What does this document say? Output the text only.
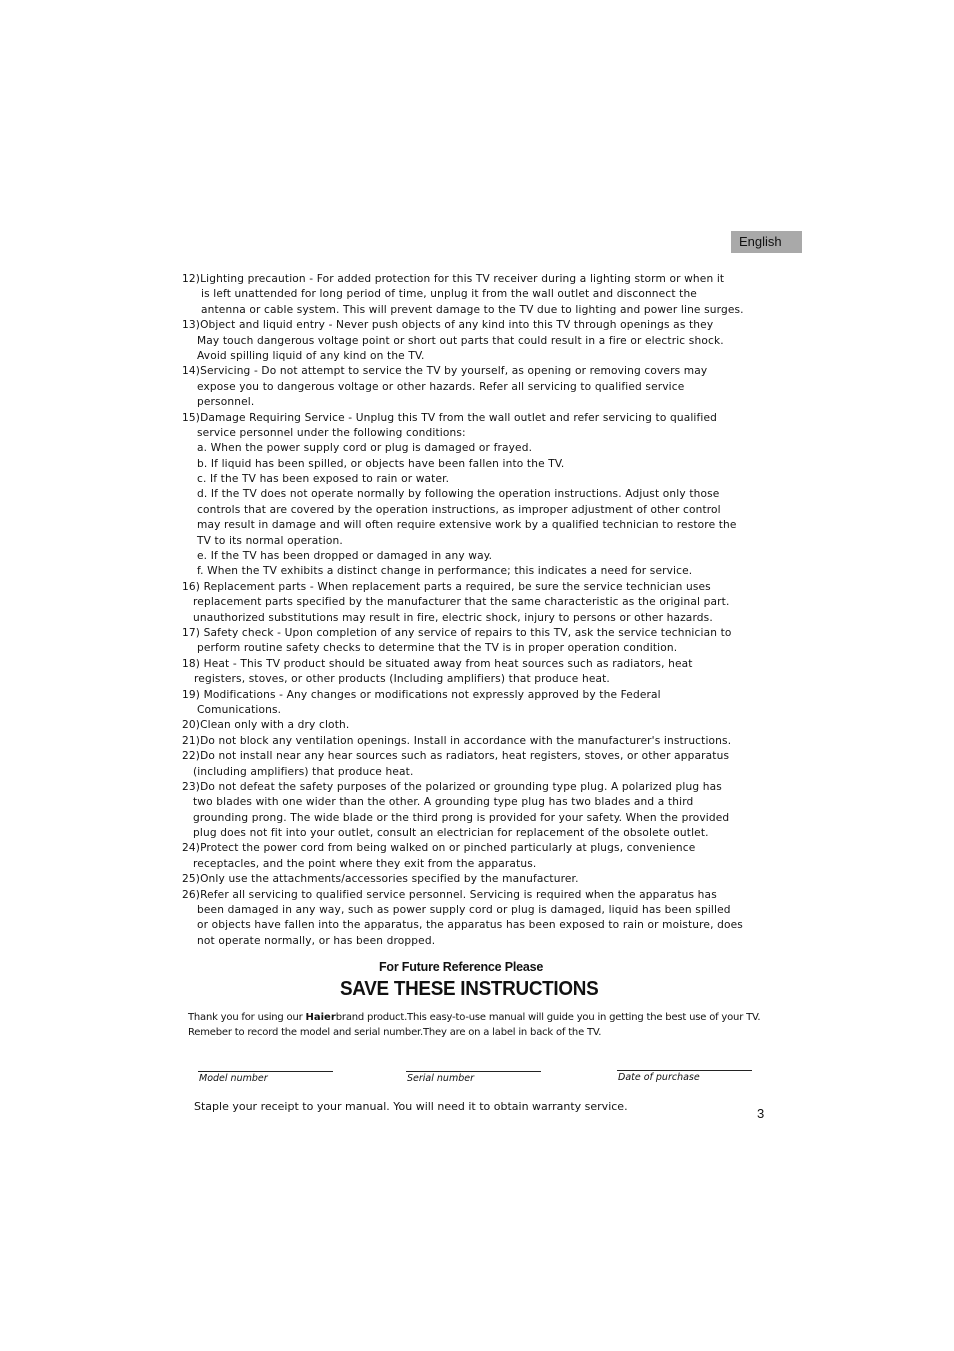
English
12)Lighting precaution - For added protection for this TV receiver during a lighting storm or when it
is left unattended for long period of time, unplug it from the wall outlet and disconnect the
antenna or cable system. This will prevent damage to the TV due to lighting and power line surges.
13)Object and liquid entry - Never push objects of any kind into this TV through openings as they
May touch dangerous voltage point or short out parts that could result in a fire or electric shock.
Avoid spilling liquid of any kind on the TV.
14)Servicing - Do not attempt to service the TV by yourself, as opening or removing covers may
expose you to dangerous voltage or other hazards. Refer all servicing to qualified service
personnel.
15)Damage Requiring Service - Unplug this TV from the wall outlet and refer servicing to qualified
service personnel under the following conditions:
a. When the power supply cord or plug is damaged or frayed.
b. If liquid has been spilled, or objects have been fallen into the TV.
c. If the TV has been exposed to rain or water.
d. If the TV does not operate normally by following the operation instructions. Adjust only those
controls that are covered by the operation instructions, as improper adjustment of other control
may result in damage and will often require extensive work by a qualified technician to restore the
TV to its normal operation.
e. If the TV has been dropped or damaged in any way.
f. When the TV exhibits a distinct change in performance; this indicates a need for service.
16) Replacement parts - When replacement parts a required, be sure the service technician uses
replacement parts specified by the manufacturer that the same characteristic as the original part.
unauthorized substitutions may result in fire, electric shock, injury to persons or other hazards.
17) Safety check - Upon completion of any service of repairs to this TV, ask the service technician to
perform routine safety checks to determine that the TV is in proper operation condition.
18) Heat - This TV product should be situated away from heat sources such as radiators, heat
registers, stoves, or other products (Including amplifiers) that produce heat.
19) Modifications - Any changes or modifications not expressly approved by the Federal
Comunications.
20)Clean only with a dry cloth.
21)Do not block any ventilation openings. Install in accordance with the manufacturer's instructions.
22)Do not install near any hear sources such as radiators, heat registers, stoves, or other apparatus
(including amplifiers) that produce heat.
23)Do not defeat the safety purposes of the polarized or grounding type plug. A polarized plug has
two blades with one wider than the other. A grounding type plug has two blades and a third
grounding prong. The wide blade or the third prong is provided for your safety. When the provided
plug does not fit into your outlet, consult an electrician for replacement of the obsolete outlet.
24)Protect the power cord from being walked on or pinched particularly at plugs, convenience
receptacles, and the point where they exit from the apparatus.
25)Only use the attachments/accessories specified by the manufacturer.
26)Refer all servicing to qualified service personnel. Servicing is required when the apparatus has
been damaged in any way, such as power supply cord or plug is damaged, liquid has been spilled
or objects have fallen into the apparatus, the apparatus has been exposed to rain or moisture, does
not operate normally, or has been dropped.
For Future Reference Please
SAVE THESE INSTRUCTIONS
Thank you for using our Haierbrand product.This easy-to-use manual will guide you in getting the best use of your TV.
Remeber to record the model and serial number.They are on a label in back of the TV.
Model number	Serial number	Date of purchase
Staple your receipt to your manual. You will need it to obtain warranty service.	3
